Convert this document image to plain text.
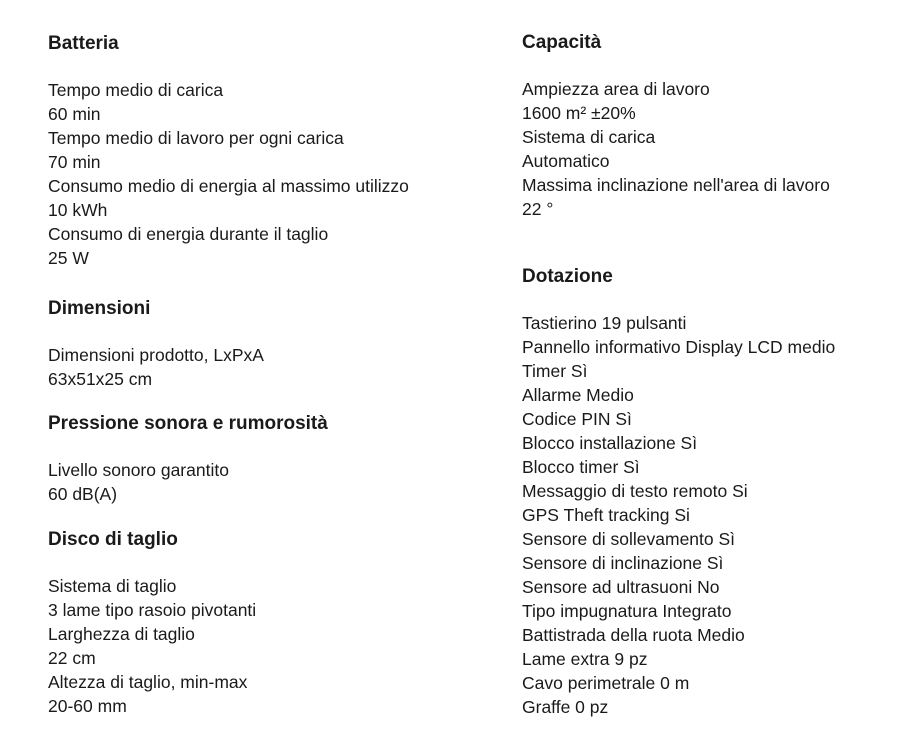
Batteria
Tempo medio di carica
60 min
Tempo medio di lavoro per ogni carica
70 min
Consumo medio di energia al massimo utilizzo
10 kWh
Consumo di energia durante il taglio
25 W
Dimensioni
Dimensioni prodotto, LxPxA
63x51x25 cm
Pressione sonora e rumorosità
Livello sonoro garantito
60 dB(A)
Disco di taglio
Sistema di taglio
3 lame tipo rasoio pivotanti
Larghezza di taglio
22 cm
Altezza di taglio, min-max
20-60 mm
Capacità
Ampiezza area di lavoro
1600 m² ±20%
Sistema di carica
Automatico
Massima inclinazione nell'area di lavoro
22 °
Dotazione
Tastierino 19 pulsanti
Pannello informativo Display LCD medio
Timer Sì
Allarme Medio
Codice PIN Sì
Blocco installazione Sì
Blocco timer Sì
Messaggio di testo remoto Si
GPS Theft tracking Si
Sensore di sollevamento Sì
Sensore di inclinazione Sì
Sensore ad ultrasuoni No
Tipo impugnatura Integrato
Battistrada della ruota Medio
Lame extra 9 pz
Cavo perimetrale 0 m
Graffe 0 pz
